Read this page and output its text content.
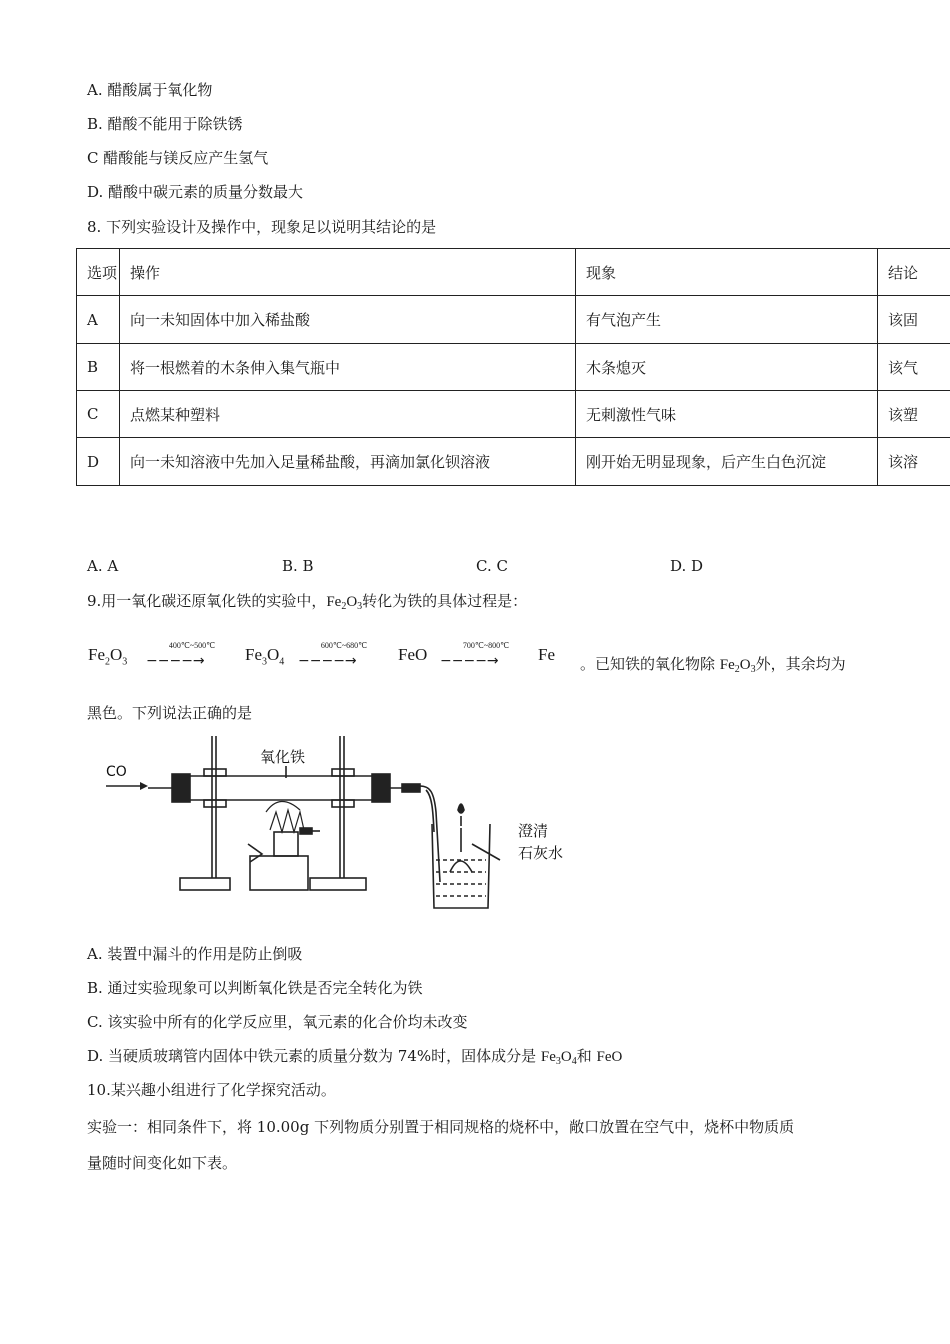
A. 醋酸属于氧化物
B. 醋酸不能用于除铁锈
C 醋酸能与镁反应产生氢气
D. 醋酸中碳元素的质量分数最大
8. 下列实验设计及操作中，现象足以说明其结论的是
选项	操作	现象	结论
A	向一未知固体中加入稀盐酸	有气泡产生	该固
B	将一根燃着的木条伸入集气瓶中	木条熄灭	该气
C	点燃某种塑料	无刺激性气味	该塑
D	向一未知溶液中先加入足量稀盐酸，再滴加氯化钡溶液	刚开始无明显现象，后产生白色沉淀	该溶
A. A	B. B	C. C	D. D
9.用一氧化碳还原氧化铁的实验中，$Fe_2O_3$转化为铁的具体过程是：
$Fe_2O_3$
400℃~500℃
−−−−→	$Fe_3O_4$
600℃~680℃
−−−−→	FeO	700℃~800℃
−−−−→	Fe 。已知铁的氧化物除 $Fe_2O_3$外，其余均为
黑色。下列说法正确的是
CO
氧化铁
澄清
石灰水
A. 装置中漏斗的作用是防止倒吸
B. 通过实验现象可以判断氧化铁是否完全转化为铁
C. 该实验中所有的化学反应里，氧元素的化合价均未改变
D. 当硬质玻璃管内固体中铁元素的质量分数为 74%时，固体成分是 $Fe_3O_4$和 FeO
10.某兴趣小组进行了化学探究活动。
实验一：相同条件下，将 10.00g 下列物质分别置于相同规格的烧杯中，敞口放置在空气中，烧杯中物质质
量随时间变化如下表。
